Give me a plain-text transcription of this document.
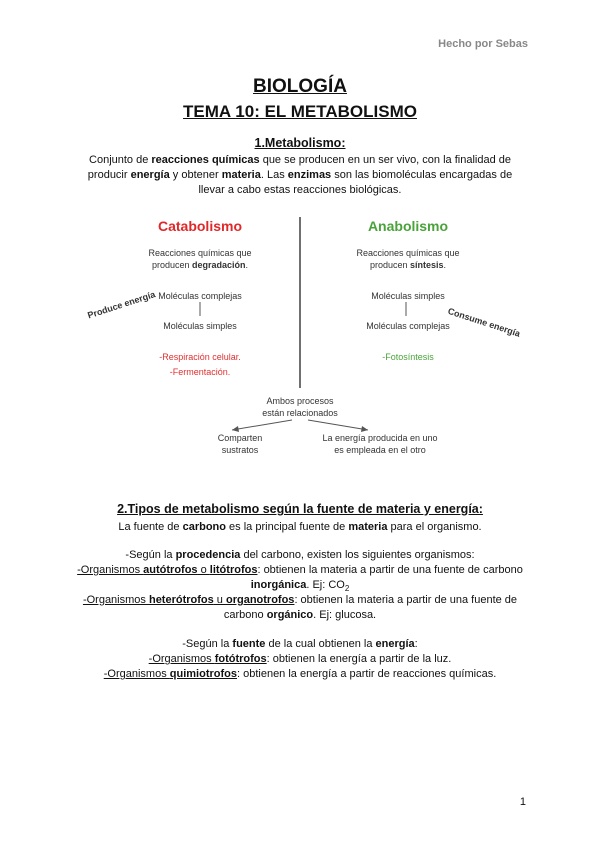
Hecho por Sebas
BIOLOGÍA
TEMA 10: EL METABOLISMO
1.Metabolismo:
Conjunto de reacciones químicas que se producen en un ser vivo, con la finalidad de
producir energía y obtener materia. Las enzimas son las biomoléculas encargadas de
llevar a cabo estas reacciones biológicas.
Catabolismo
Reacciones químicas que
producen degradación.
Moléculas complejas
Moléculas simples
Produce energía
-Respiración celular.
-Fermentación.
Anabolismo
Reacciones químicas que
producen síntesis.
Moléculas simples
Moléculas complejas
Consume energía
-Fotosíntesis
Ambos procesos
están relacionados
Comparten
sustratos
La energía producida en uno
es empleada en el otro
2.Tipos de metabolismo según la fuente de materia y energía:
La fuente de carbono es la principal fuente de materia para el organismo.
-Según la procedencia del carbono, existen los siguientes organismos:
-Organismos autótrofos o litótrofos: obtienen la materia a partir de una fuente de carbono
inorgánica. Ej: $CO_2$
-Organismos heterótrofos u organotrofos: obtienen la materia a partir de una fuente de
carbono orgánico. Ej: glucosa.
-Según la fuente de la cual obtienen la energía:
-Organismos fotótrofos: obtienen la energía a partir de la luz.
-Organismos quimiotrofos: obtienen la energía a partir de reacciones químicas.
1
